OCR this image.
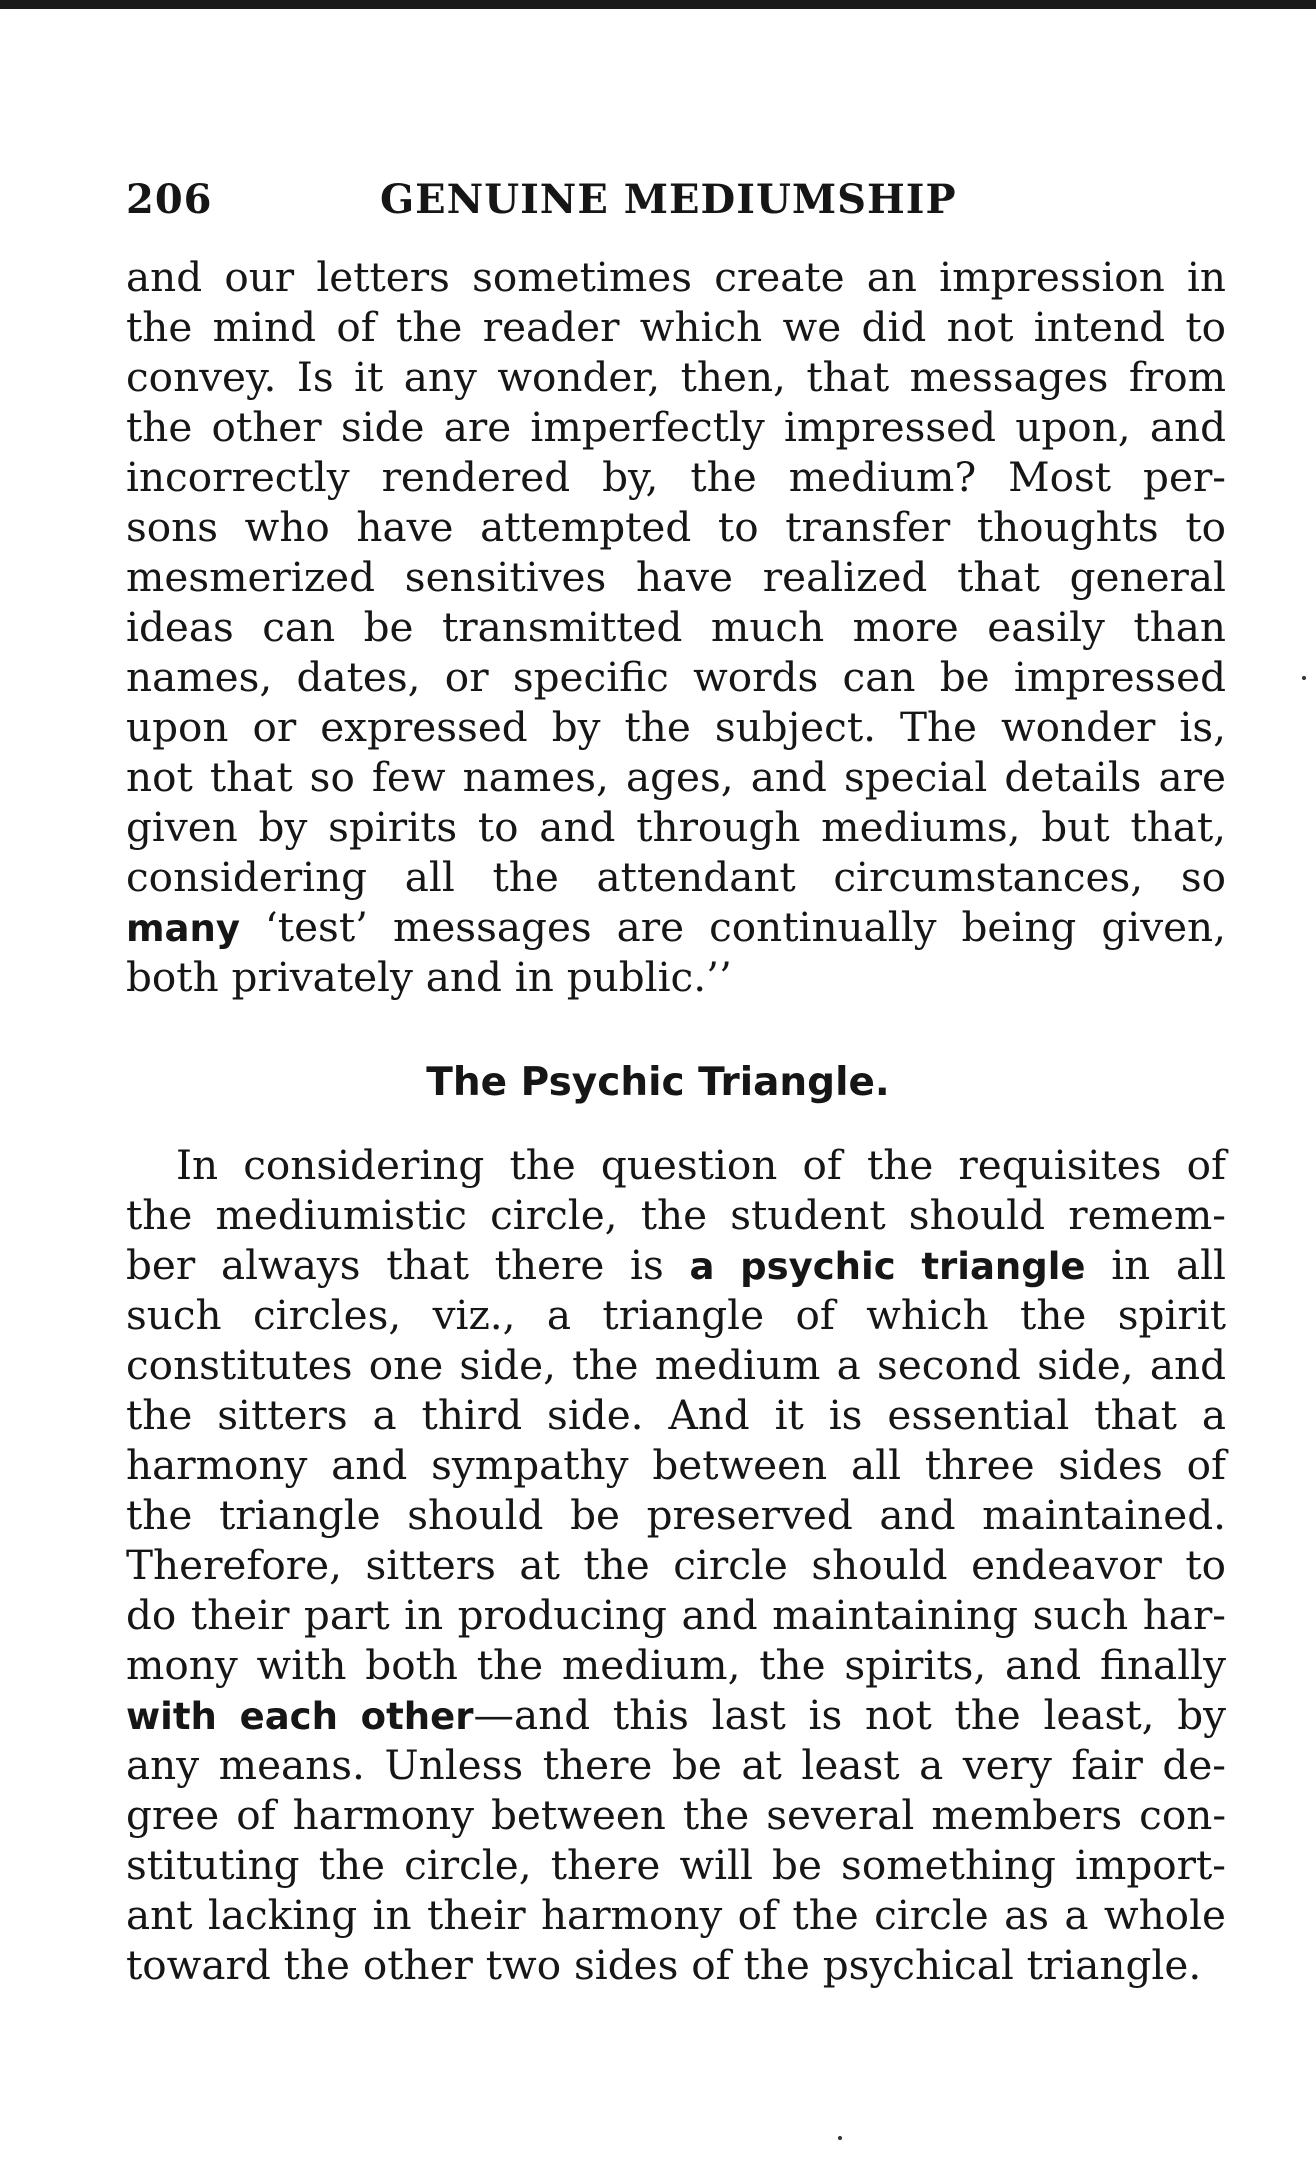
206	GENUINE MEDIUMSHIP
and our letters sometimes create an impression in
the mind of the reader which we did not intend to
convey. Is it any wonder, then, that messages from
the other side are imperfectly impressed upon, and
incorrectly rendered by, the medium? Most per-
sons who have attempted to transfer thoughts to
mesmerized sensitives have realized that general
ideas can be transmitted much more easily than
names, dates, or specific words can be impressed
upon or expressed by the subject. The wonder is,
not that so few names, ages, and special details are
given by spirits to and through mediums, but that,
considering all the attendant circumstances, so
many ‘test’ messages are continually being given,
both privately and in public.’’
The Psychic Triangle.
In considering the question of the requisites of
the mediumistic circle, the student should remem-
ber always that there is a psychic triangle in all
such circles, viz., a triangle of which the spirit
constitutes one side, the medium a second side, and
the sitters a third side. And it is essential that a
harmony and sympathy between all three sides of
the triangle should be preserved and maintained.
Therefore, sitters at the circle should endeavor to
do their part in producing and maintaining such har-
mony with both the medium, the spirits, and finally
with each other—and this last is not the least, by
any means. Unless there be at least a very fair de-
gree of harmony between the several members con-
stituting the circle, there will be something import-
ant lacking in their harmony of the circle as a whole
toward the other two sides of the psychical triangle.
